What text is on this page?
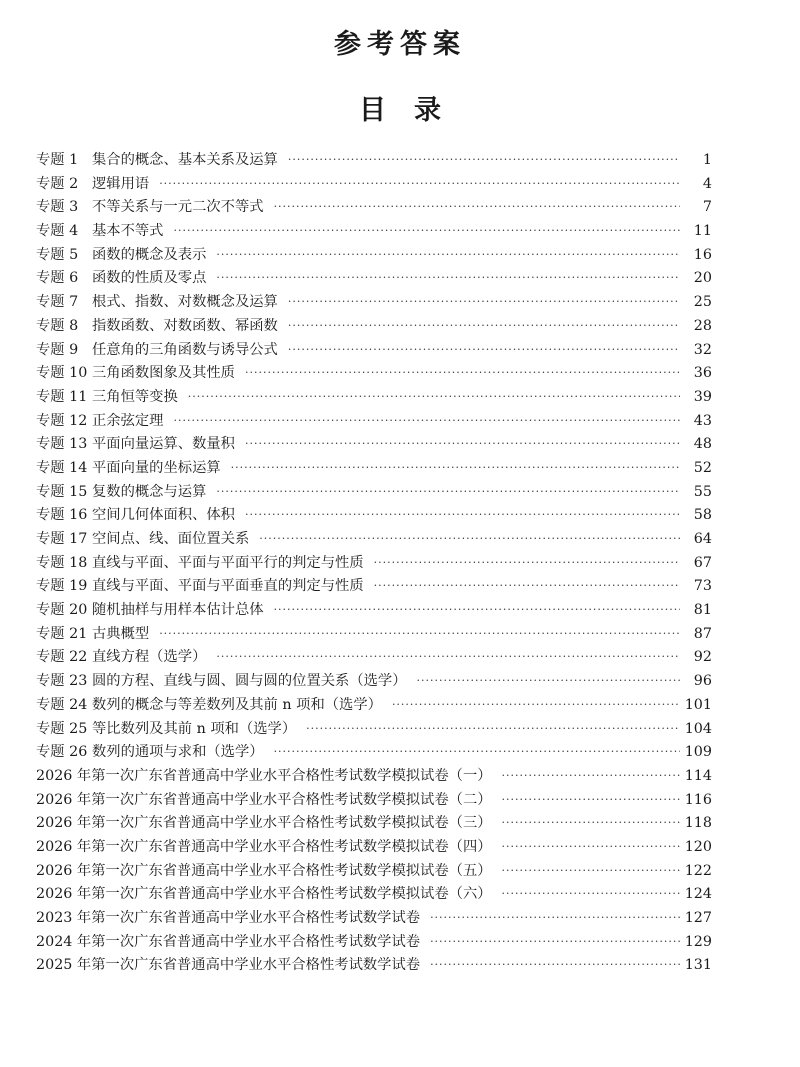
参考答案
目录
专题 1 集合的概念、基本关系及运算 ·····	1
专题 2 逻辑用语 ·····	4
专题 3 不等关系与一元二次不等式 ·····	7
专题 4 基本不等式 ·····	11
专题 5 函数的概念及表示 ·····	16
专题 6 函数的性质及零点 ·····	20
专题 7 根式、指数、对数概念及运算 ·····	25
专题 8 指数函数、对数函数、幂函数 ·····	28
专题 9 任意角的三角函数与诱导公式 ·····	32
专题 10 三角函数图象及其性质 ·····	36
专题 11 三角恒等变换 ·····	39
专题 12 正余弦定理 ·····	43
专题 13 平面向量运算、数量积 ·····	48
专题 14 平面向量的坐标运算 ·····	52
专题 15 复数的概念与运算 ·····	55
专题 16 空间几何体面积、体积 ·····	58
专题 17 空间点、线、面位置关系 ·····	64
专题 18 直线与平面、平面与平面平行的判定与性质 ·····	67
专题 19 直线与平面、平面与平面垂直的判定与性质 ·····	73
专题 20 随机抽样与用样本估计总体 ·····	81
专题 21 古典概型 ·····	87
专题 22 直线方程（选学） ·····	92
专题 23 圆的方程、直线与圆、圆与圆的位置关系（选学） ·····	96
专题 24 数列的概念与等差数列及其前 n 项和（选学） ·····	101
专题 25 等比数列及其前 n 项和（选学） ·····	104
专题 26 数列的通项与求和（选学） ·····	109
2026 年第一次广东省普通高中学业水平合格性考试数学模拟试卷（一） ·····	114
2026 年第一次广东省普通高中学业水平合格性考试数学模拟试卷（二） ·····	116
2026 年第一次广东省普通高中学业水平合格性考试数学模拟试卷（三） ·····	118
2026 年第一次广东省普通高中学业水平合格性考试数学模拟试卷（四） ·····	120
2026 年第一次广东省普通高中学业水平合格性考试数学模拟试卷（五） ·····	122
2026 年第一次广东省普通高中学业水平合格性考试数学模拟试卷（六） ·····	124
2023 年第一次广东省普通高中学业水平合格性考试数学试卷 ·····	127
2024 年第一次广东省普通高中学业水平合格性考试数学试卷 ·····	129
2025 年第一次广东省普通高中学业水平合格性考试数学试卷 ·····	131
